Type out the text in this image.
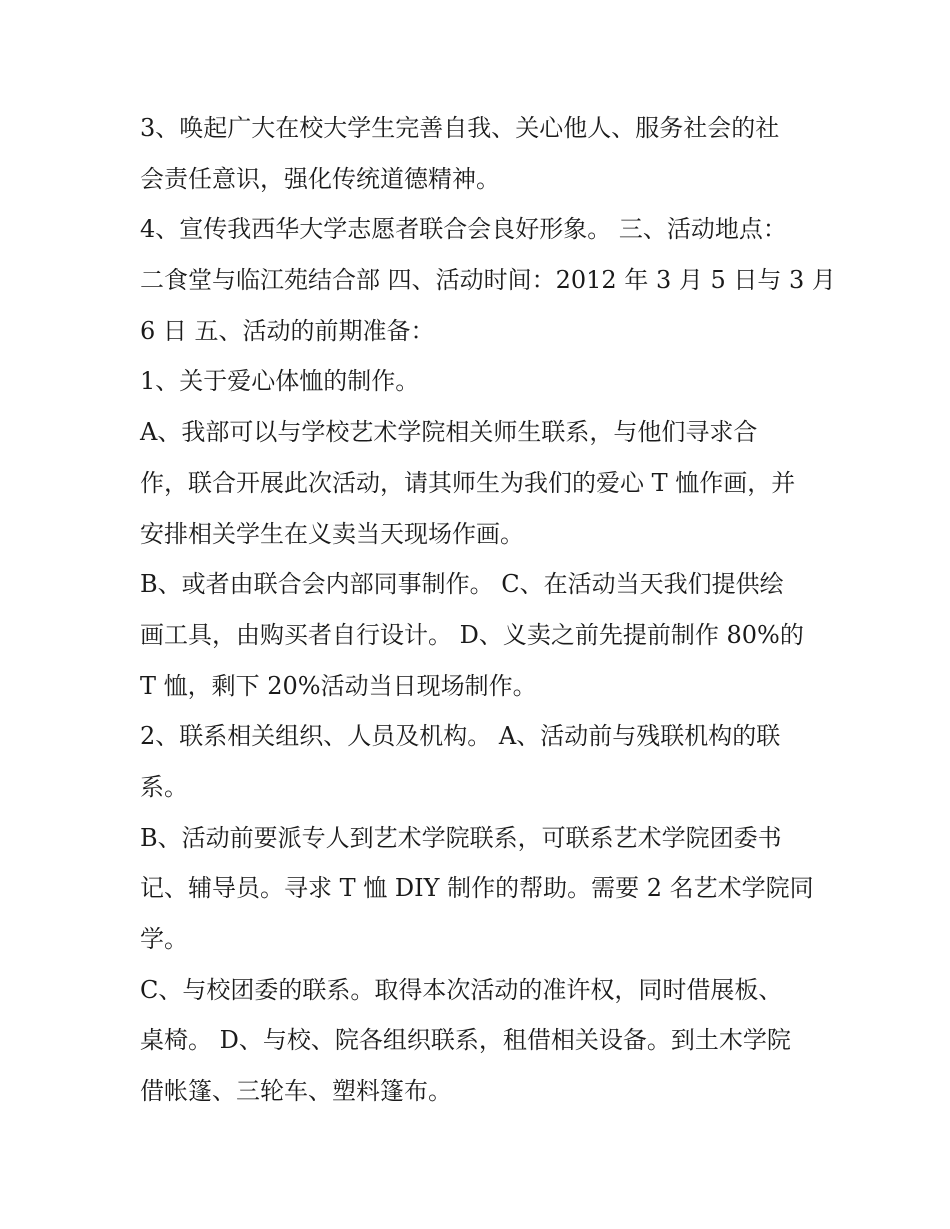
3、唤起广大在校大学生完善自我、关心他人、服务社会的社
会责任意识，强化传统道德精神。
4、宣传我西华大学志愿者联合会良好形象。 三、活动地点：
二食堂与临江苑结合部 四、活动时间：2012 年 3 月 5 日与 3 月
6 日 五、活动的前期准备：
1、关于爱心体恤的制作。
A、我部可以与学校艺术学院相关师生联系，与他们寻求合
作，联合开展此次活动，请其师生为我们的爱心 T 恤作画，并
安排相关学生在义卖当天现场作画。
B、或者由联合会内部同事制作。 C、在活动当天我们提供绘
画工具，由购买者自行设计。 D、义卖之前先提前制作 80%的
T 恤，剩下 20%活动当日现场制作。
2、联系相关组织、人员及机构。 A、活动前与残联机构的联
系。
B、活动前要派专人到艺术学院联系，可联系艺术学院团委书
记、辅导员。寻求 T 恤 DIY 制作的帮助。需要 2 名艺术学院同
学。
C、与校团委的联系。取得本次活动的准许权，同时借展板、
桌椅。 D、与校、院各组织联系，租借相关设备。到土木学院
借帐篷、三轮车、塑料篷布。
